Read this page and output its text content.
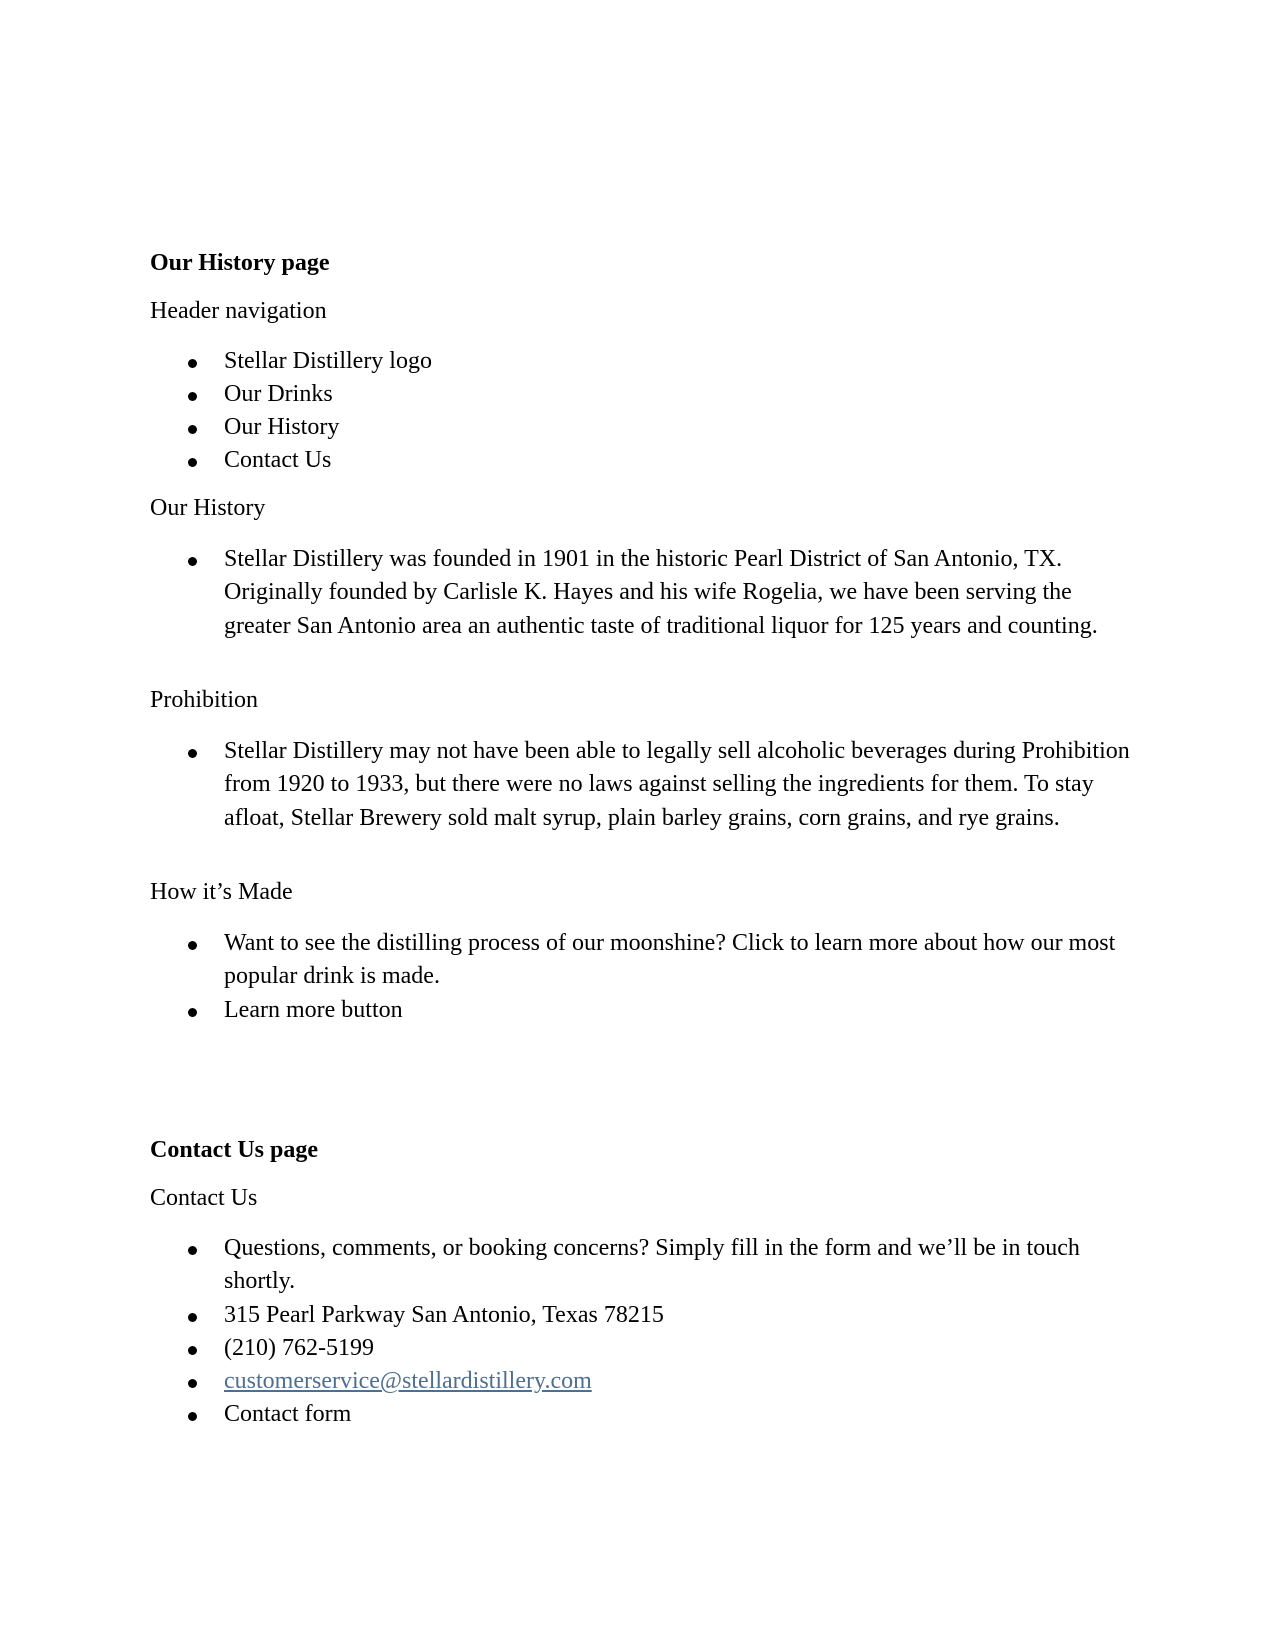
Our History page

Header navigation

Stellar Distillery logo
Our Drinks
Our History
Contact Us

Our History

Stellar Distillery was founded in 1901 in the historic Pearl District of San Antonio, TX. Originally founded by Carlisle K. Hayes and his wife Rogelia, we have been serving the greater San Antonio area an authentic taste of traditional liquor for 125 years and counting.

Prohibition

Stellar Distillery may not have been able to legally sell alcoholic beverages during Prohibition from 1920 to 1933, but there were no laws against selling the ingredients for them. To stay afloat, Stellar Brewery sold malt syrup, plain barley grains, corn grains, and rye grains.

How it’s Made

Want to see the distilling process of our moonshine? Click to learn more about how our most popular drink is made.
Learn more button

Contact Us page

Contact Us

Questions, comments, or booking concerns? Simply fill in the form and we’ll be in touch shortly.
315 Pearl Parkway San Antonio, Texas 78215
(210) 762-5199
customerservice@stellardistillery.com
Contact form
